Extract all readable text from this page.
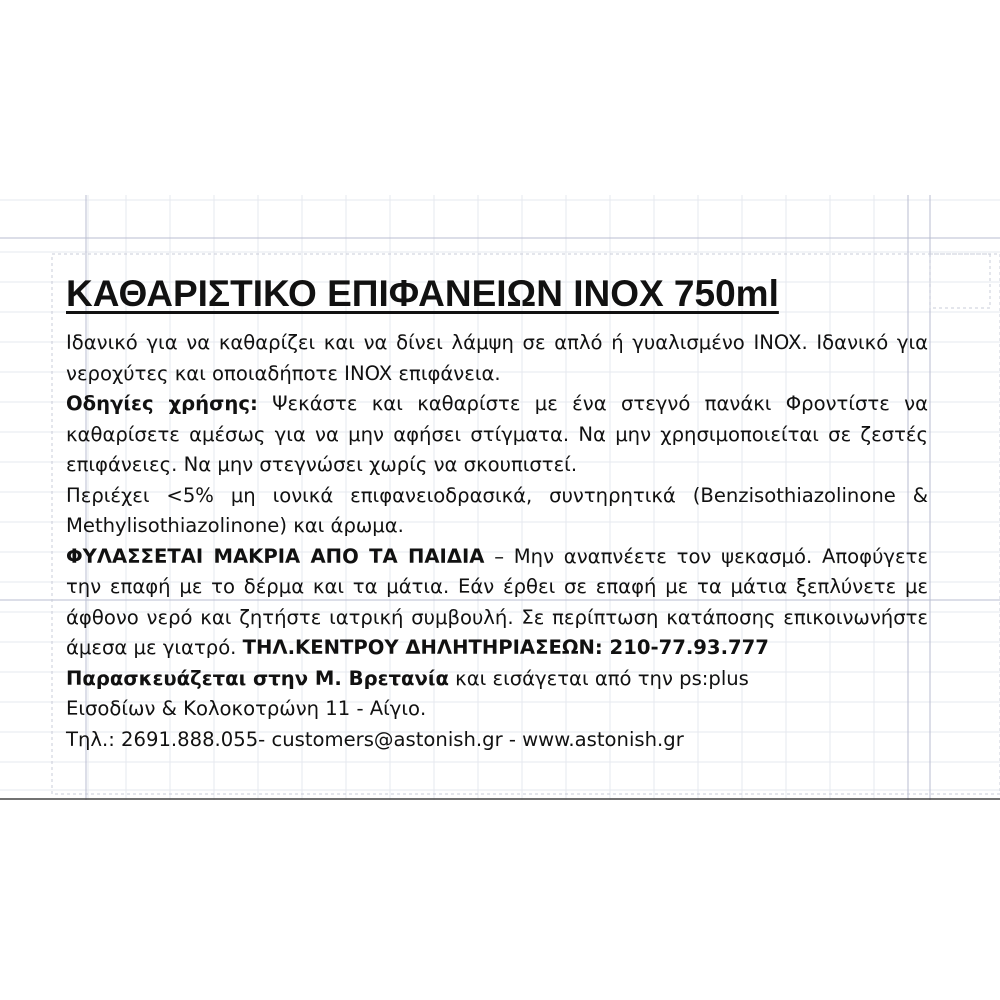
ΚΑΘΑΡΙΣΤΙΚΟ ΕΠΙΦΑΝΕΙΩΝ INOX 750ml

Ιδανικό για να καθαρίζει και να δίνει λάμψη σε απλό ή γυαλισμένο INOX. Ιδανικό για νεροχύτες και οποιαδήποτε INOX επιφάνεια.

Οδηγίες χρήσης: Ψεκάστε και καθαρίστε με ένα στεγνό πανάκι Φροντίστε να καθαρίσετε αμέσως για να μην αφήσει στίγματα. Να μην χρησιμοποιείται σε ζεστές επιφάνειες. Να μην στεγνώσει χωρίς να σκουπιστεί.

Περιέχει <5% μη ιονικά επιφανειοδρασικά, συντηρητικά (Benzisothiazolinone & Methylisothiazolinone) και άρωμα.

ΦΥΛΑΣΣΕΤΑΙ ΜΑΚΡΙΑ ΑΠΟ ΤΑ ΠΑΙΔΙΑ – Μην αναπνέετε τον ψεκασμό. Αποφύγετε την επαφή με το δέρμα και τα μάτια. Εάν έρθει σε επαφή με τα μάτια ξεπλύνετε με άφθονο νερό και ζητήστε ιατρική συμβουλή. Σε περίπτωση κατάποσης επικοινωνήστε άμεσα με γιατρό. ΤΗΛ.ΚΕΝΤΡΟΥ ΔΗΛΗΤΗΡΙΑΣΕΩΝ: 210-77.93.777

Παρασκευάζεται στην Μ. Βρετανία και εισάγεται από την ps:plus

Εισοδίων & Κολοκοτρώνη 11 - Αίγιο.

Τηλ.: 2691.888.055- customers@astonish.gr - www.astonish.gr
